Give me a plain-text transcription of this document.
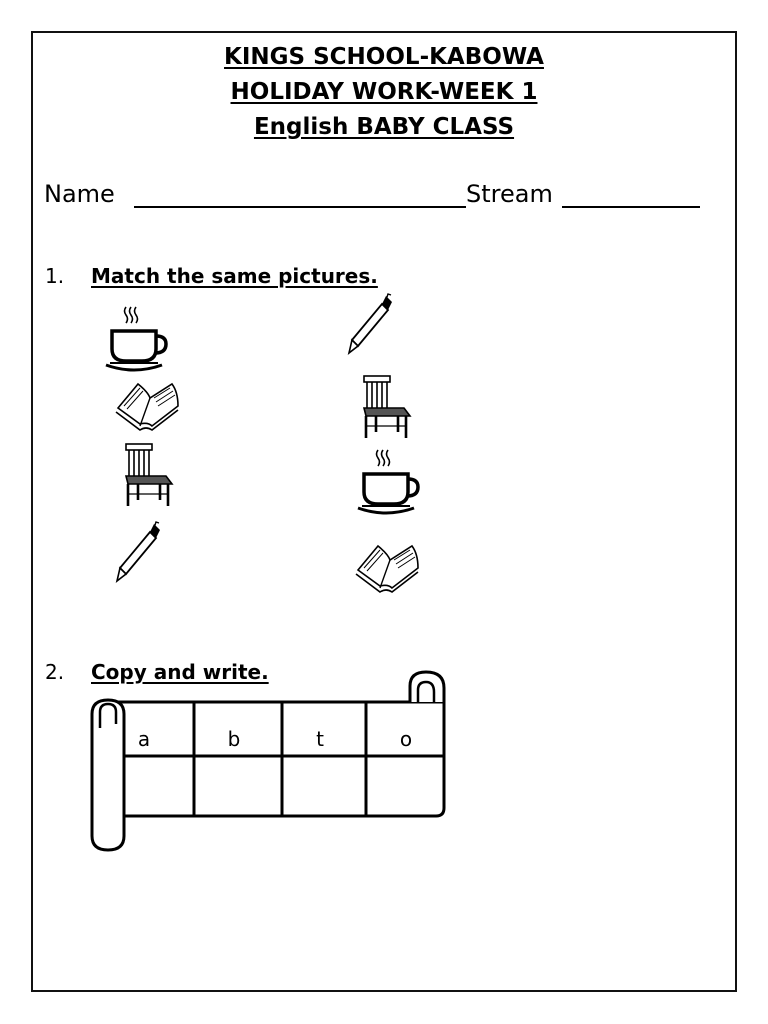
KINGS SCHOOL-KABOWA
HOLIDAY WORK-WEEK 1
English BABY CLASS
Name	Stream
1. Match the same pictures.
2. Copy and write.
a	b	t	o
